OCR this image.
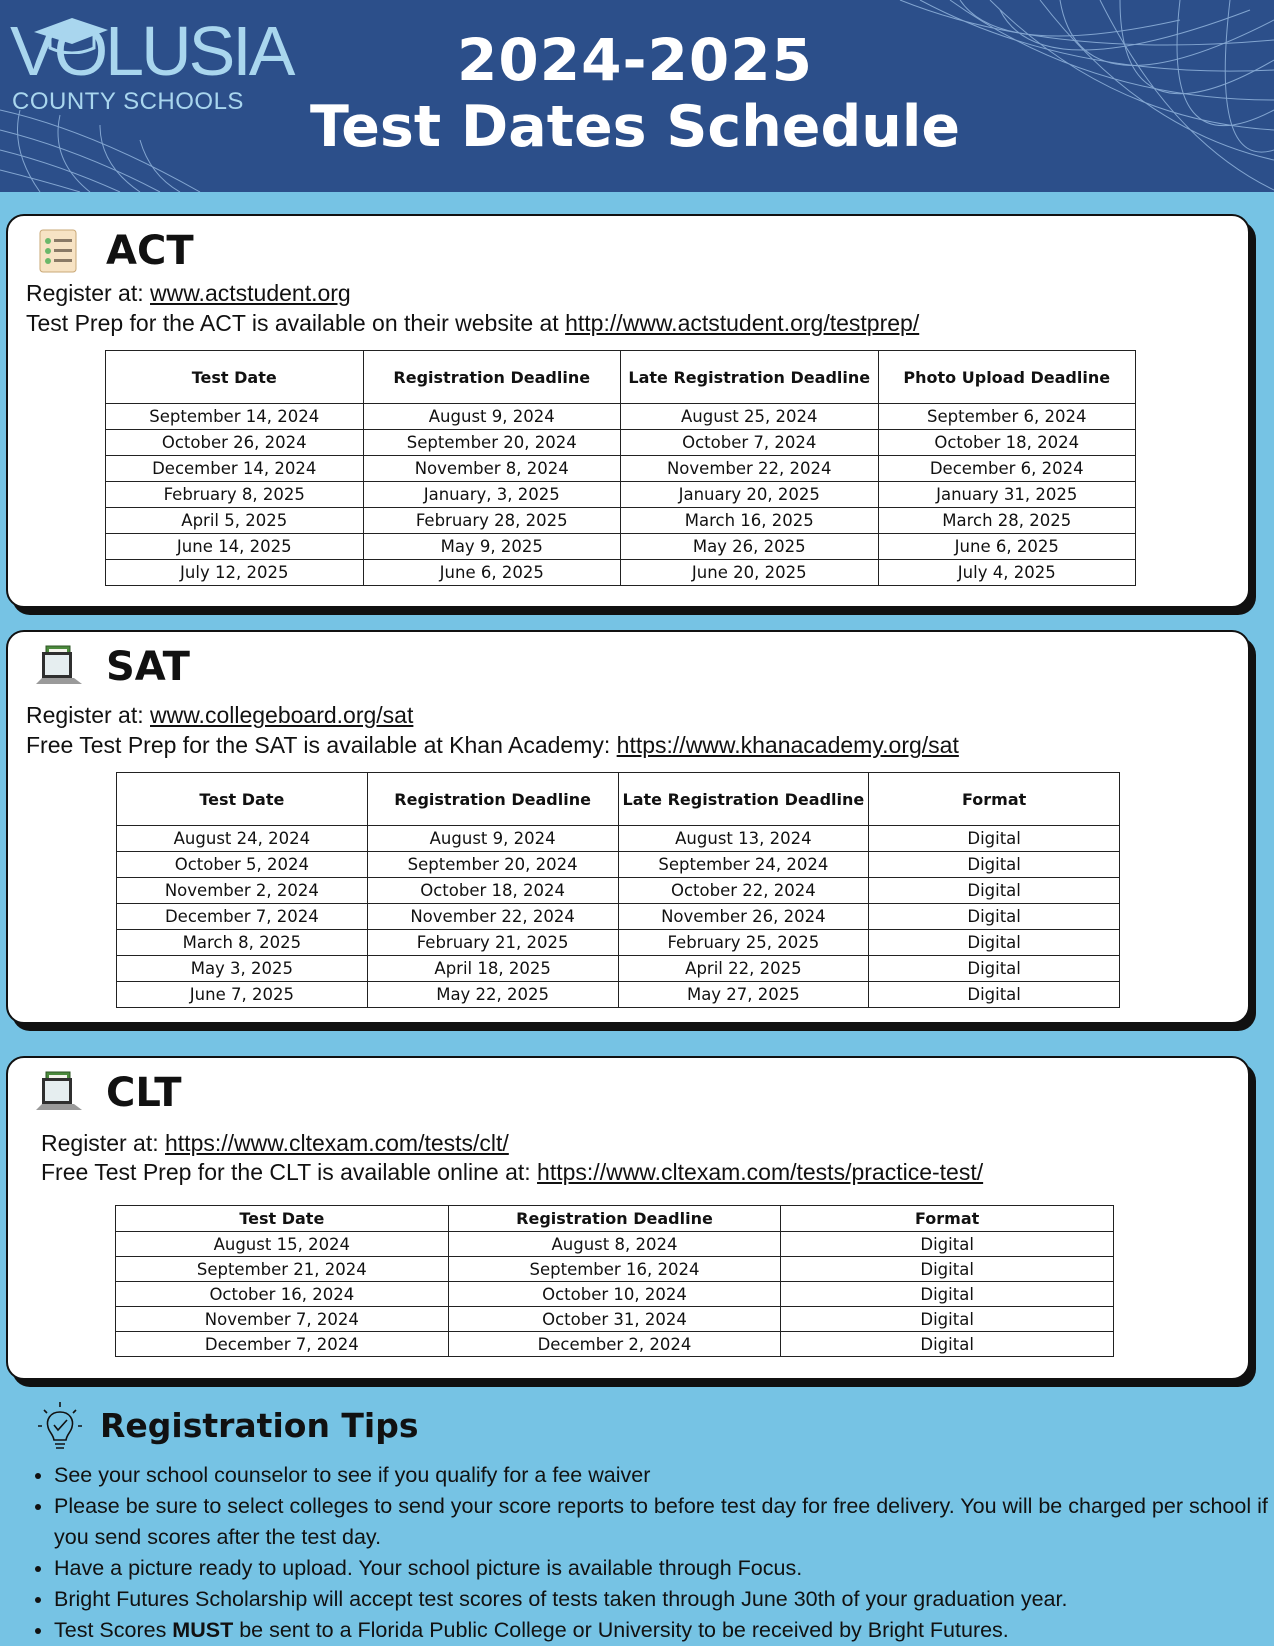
VOLUSIA
COUNTY SCHOOLS
2024-2025
Test Dates Schedule
ACT
Register at: www.actstudent.org
Test Prep for the ACT is available on their website at http://www.actstudent.org/testprep/
Test Date	Registration Deadline	Late Registration Deadline	Photo Upload Deadline
September 14, 2024	August 9, 2024	August 25, 2024	September 6, 2024
October 26, 2024	September 20, 2024	October 7, 2024	October 18, 2024
December 14, 2024	November 8, 2024	November 22, 2024	December 6, 2024
February 8, 2025	January, 3, 2025	January 20, 2025	January 31, 2025
April 5, 2025	February 28, 2025	March 16, 2025	March 28, 2025
June 14, 2025	May 9, 2025	May 26, 2025	June 6, 2025
July 12, 2025	June 6, 2025	June 20, 2025	July 4, 2025
SAT
Register at: www.collegeboard.org/sat
Free Test Prep for the SAT is available at Khan Academy: https://www.khanacademy.org/sat
Test Date	Registration Deadline	Late Registration Deadline	Format
August 24, 2024	August 9, 2024	August 13, 2024	Digital
October 5, 2024	September 20, 2024	September 24, 2024	Digital
November 2, 2024	October 18, 2024	October 22, 2024	Digital
December 7, 2024	November 22, 2024	November 26, 2024	Digital
March 8, 2025	February 21, 2025	February 25, 2025	Digital
May 3, 2025	April 18, 2025	April 22, 2025	Digital
June 7, 2025	May 22, 2025	May 27, 2025	Digital
CLT
Register at: https://www.cltexam.com/tests/clt/
Free Test Prep for the CLT is available online at: https://www.cltexam.com/tests/practice-test/
Test Date	Registration Deadline	Format
August 15, 2024	August 8, 2024	Digital
September 21, 2024	September 16, 2024	Digital
October 16, 2024	October 10, 2024	Digital
November 7, 2024	October 31, 2024	Digital
December 7, 2024	December 2, 2024	Digital
Registration Tips
• See your school counselor to see if you qualify for a fee waiver
• Please be sure to select colleges to send your score reports to before test day for free delivery. You will be charged per school if you send scores after the test day.
• Have a picture ready to upload. Your school picture is available through Focus.
• Bright Futures Scholarship will accept test scores of tests taken through June 30th of your graduation year.
• Test Scores MUST be sent to a Florida Public College or University to be received by Bright Futures.
